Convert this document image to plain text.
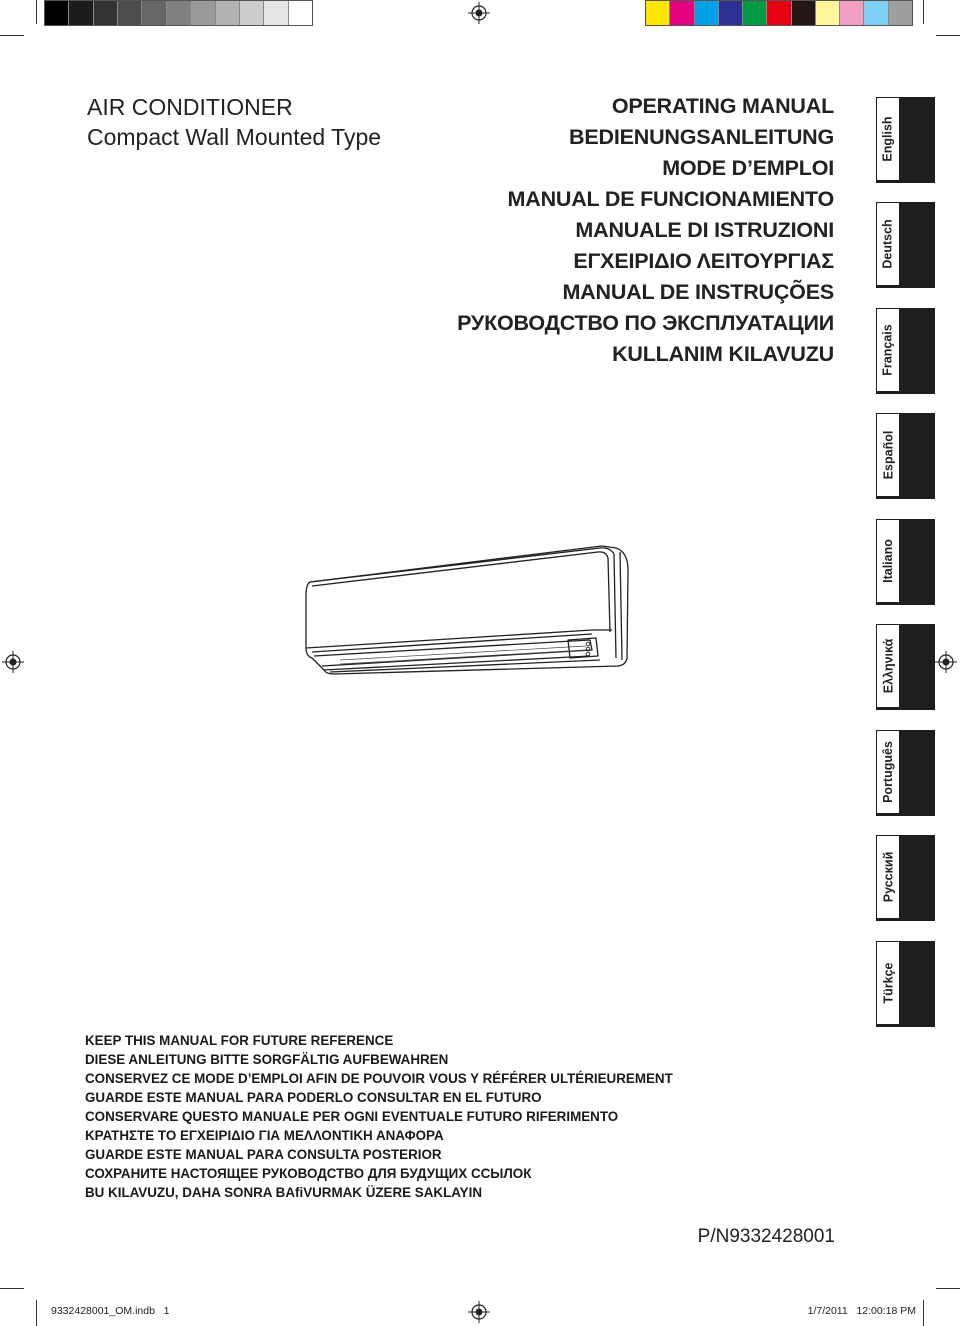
AIR CONDITIONER
Compact Wall Mounted Type
OPERATING MANUAL
BEDIENUNGSANLEITUNG
MODE D’EMPLOI
MANUAL DE FUNCIONAMIENTO
MANUALE DI ISTRUZIONI
ΕΓΧΕΙΡΙΔΙΟ ΛΕΙΤΟΥΡΓΙΑΣ
MANUAL DE INSTRUÇÕES
РУКОВОДСТВО ПО ЭКСПЛУАТАЦИИ
KULLANIM KILAVUZU
English
Deutsch
Français
Español
Italiano
Ελληνικά
Português
Русский
Türkçe
KEEP THIS MANUAL FOR FUTURE REFERENCE
DIESE ANLEITUNG BITTE SORGFÄLTIG AUFBEWAHREN
CONSERVEZ CE MODE D’EMPLOI AFIN DE POUVOIR VOUS Y RÉFÉRER ULTÉRIEUREMENT
GUARDE ESTE MANUAL PARA PODERLO CONSULTAR EN EL FUTURO
CONSERVARE QUESTO MANUALE PER OGNI EVENTUALE FUTURO RIFERIMENTO
ΚΡΑΤΗΣΤΕ ΤΟ ΕΓΧΕΙΡΙΔΙΟ ΓΙΑ ΜΕΛΛΟΝΤΙΚΗ ΑΝΑΦΟΡΑ
GUARDE ESTE MANUAL PARA CONSULTA POSTERIOR
СОХРАНИТЕ НАСТОЯЩЕЕ РУКОВОДСТВО ДЛЯ БУДУЩИХ ССЫЛОК
BU KILAVUZU, DAHA SONRA BAfiVURMAK ÜZERE SAKLAYIN
P/N9332428001
9332428001_OM.indb   1	1/7/2011   12:00:18 PM
